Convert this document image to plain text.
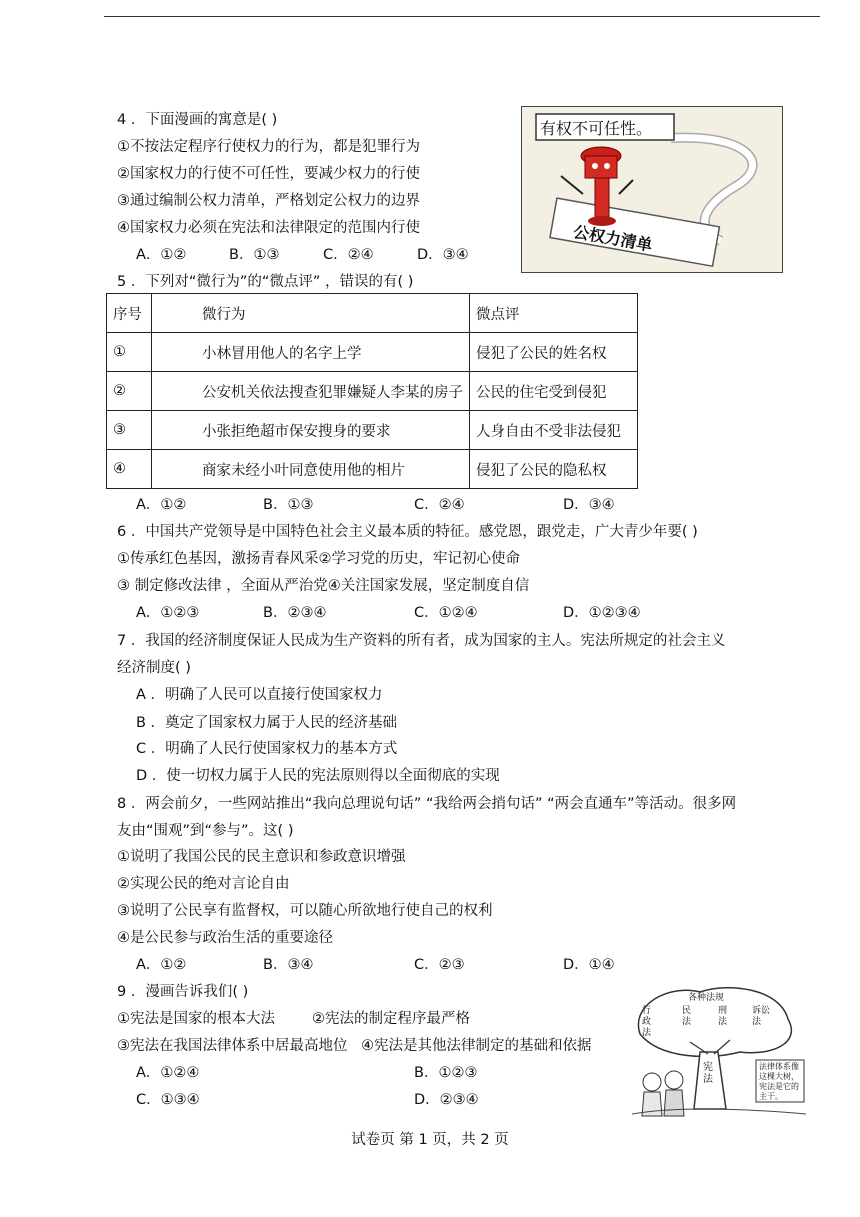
4 ．下面漫画的寓意是( )
①不按法定程序行使权力的行为，都是犯罪行为
②国家权力的行使不可任性，要减少权力的行使
③通过编制公权力清单，严格划定公权力的边界
④国家权力必须在宪法和法律限定的范围内行使
A．①②	B．①③	C．②④	D．③④
有权不可任性。
公权力清单
5 ．下列对“微行为”的“微点评” ，错误的有( )
序号	微行为	微点评
①	小林冒用他人的名字上学	侵犯了公民的姓名权
②	公安机关依法搜查犯罪嫌疑人李某的房子	公民的住宅受到侵犯
③	小张拒绝超市保安搜身的要求	人身自由不受非法侵犯
④	商家未经小叶同意使用他的相片	侵犯了公民的隐私权
A．①②	B．①③	C．②④	D．③④
6 ．中国共产党领导是中国特色社会主义最本质的特征。感党恩，跟党走，广大青少年要( )
①传承红色基因，激扬青春风采②学习党的历史，牢记初心使命
③ 制定修改法律 ，全面从严治党④关注国家发展，坚定制度自信
A．①②③	B．②③④	C．①②④	D．①②③④
7 ．我国的经济制度保证人民成为生产资料的所有者，成为国家的主人。宪法所规定的社会主义
经济制度( )
A ．明确了人民可以直接行使国家权力
B ．奠定了国家权力属于人民的经济基础
C ．明确了人民行使国家权力的基本方式
D ．使一切权力属于人民的宪法原则得以全面彻底的实现
8 ．两会前夕，一些网站推出“我向总理说句话” “我给两会捎句话” “两会直通车”等活动。很多网
友由“围观”到“参与”。这( )
①说明了我国公民的民主意识和参政意识增强
②实现公民的绝对言论自由
③说明了公民享有监督权，可以随心所欲地行使自己的权利
④是公民参与政治生活的重要途径
A．①②	B．③④	C．②③	D．①④
9 ．漫画告诉我们( )
①宪法是国家的根本大法	②宪法的制定程序最严格
③宪法在我国法律体系中居最高地位 ④宪法是其他法律制定的基础和依据
A．①②④	B．①②③
C．①③④	D．②③④
各种法规
行政法
民法
刑法
诉讼法
宪法
法律体系像这棵大树，宪法是它的主干。
试卷页 第 1 页，共 2 页
